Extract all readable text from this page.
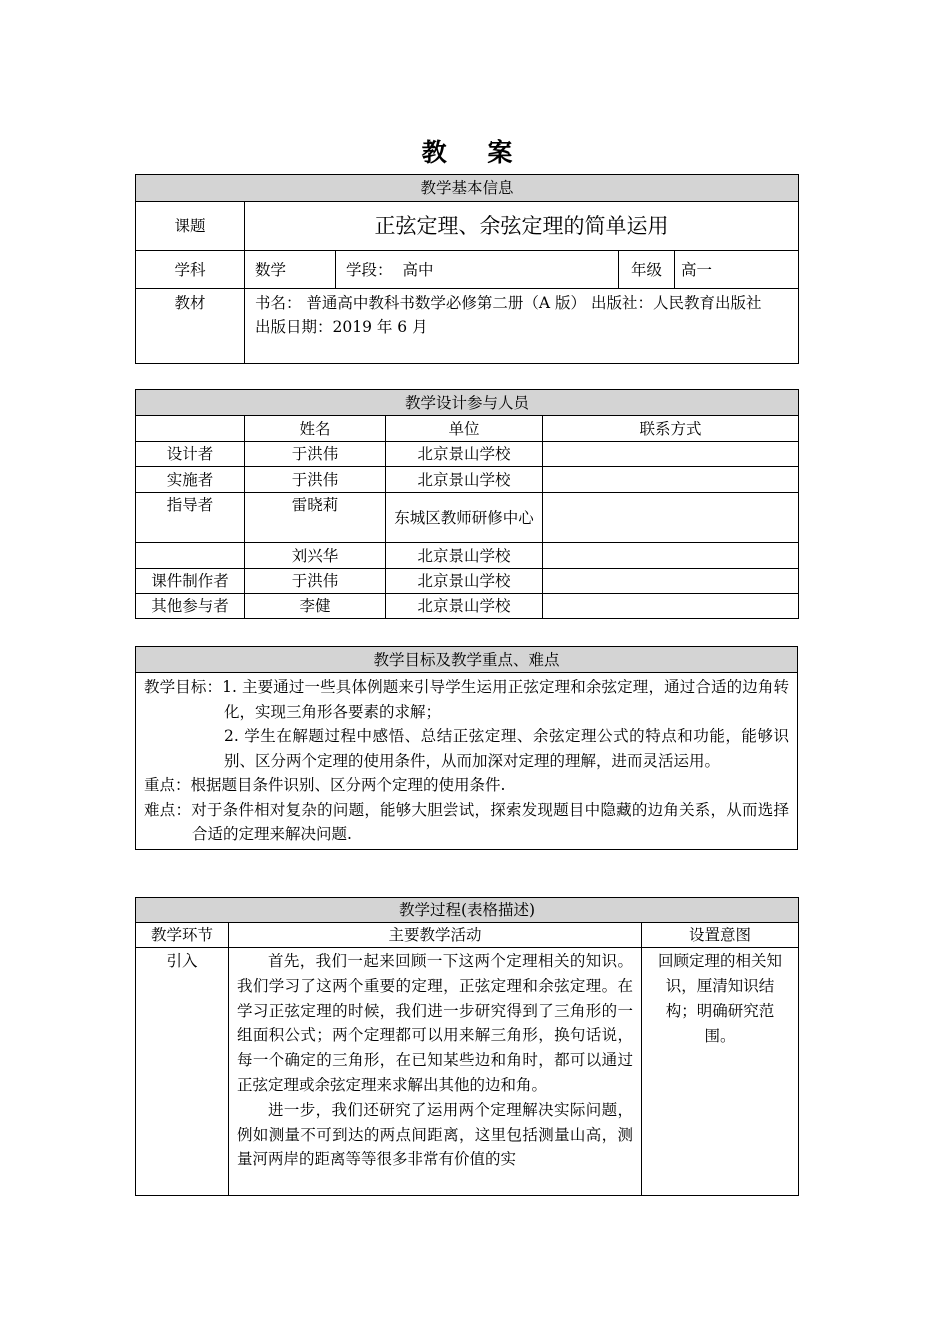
教 案
教学基本信息				
课题	正弦定理、余弦定理的简单运用			
学科	数学	学段： 高中	年级	高一
教材	书名： 普通高中教科书数学必修第二册（A 版） 出版社：人民教育出版社
出版日期：2019 年 6 月			
教学设计参与人员			
	姓名	单位	联系方式
设计者	于洪伟	北京景山学校	
实施者	于洪伟	北京景山学校	
指导者	雷晓莉	东城区教师研修中心	
	刘兴华	北京景山学校	
课件制作者	于洪伟	北京景山学校	
其他参与者	李健	北京景山学校	
教学目标及教学重点、难点

教学目标：1. 主要通过一些具体例题来引导学生运用正弦定理和余弦定理，通过合适的边角转化，实现三角形各要素的求解；
2. 学生在解题过程中感悟、总结正弦定理、余弦定理公式的特点和功能，能够识别、区分两个定理的使用条件，从而加深对定理的理解，进而灵活运用。
重点：根据题目条件识别、区分两个定理的使用条件.
难点：对于条件相对复杂的问题，能够大胆尝试，探索发现题目中隐藏的边角关系，从而选择合适的定理来解决问题.
教学过程(表格描述)		
教学环节	主要教学活动	设置意图
引入	首先，我们一起来回顾一下这两个定理相关的知识。我们学习了这两个重要的定理，正弦定理和余弦定理。在学习正弦定理的时候，我们进一步研究得到了三角形的一组面积公式；两个定理都可以用来解三角形，换句话说，每一个确定的三角形，在已知某些边和角时，都可以通过正弦定理或余弦定理来求解出其他的边和角。

进一步，我们还研究了运用两个定理解决实际问题，例如测量不可到达的两点间距离，这里包括测量山高，测量河两岸的距离等等很多非常有价值的实	回顾定理的相关知识，厘清知识结构；明确研究范围。
